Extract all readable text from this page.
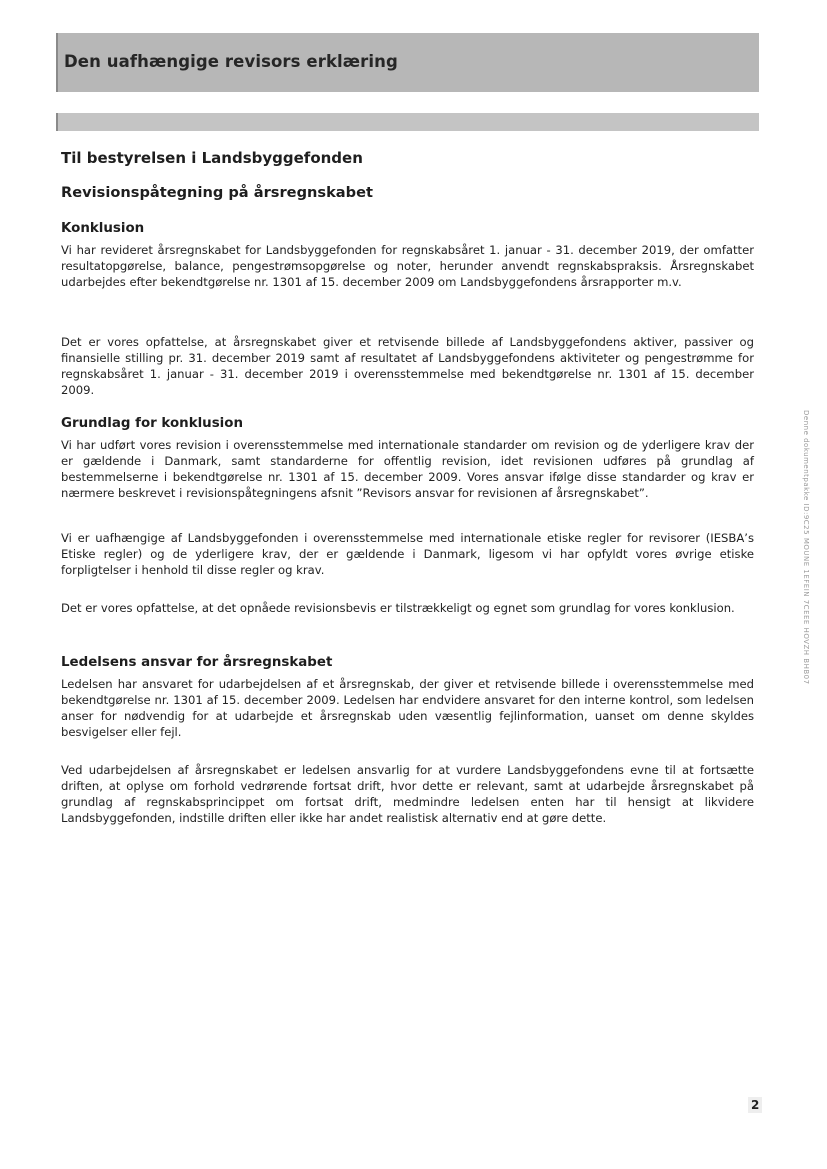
Den uafhængige revisors erklæring
Til bestyrelsen i Landsbyggefonden
Revisionspåtegning på årsregnskabet
Konklusion

Vi har revideret årsregnskabet for Landsbyggefonden for regnskabsåret 1. januar - 31. december 2019, der omfatter resultatopgørelse, balance, pengestrømsopgørelse og noter, herunder anvendt regnskabspraksis. Årsregnskabet udarbejdes efter bekendtgørelse nr. 1301 af 15. december 2009 om Landsbyggefondens årsrapporter m.v.

Det er vores opfattelse, at årsregnskabet giver et retvisende billede af Landsbyggefondens aktiver, passiver og finansielle stilling pr. 31. december 2019 samt af resultatet af Landsbyggefondens aktiviteter og pengestrømme for regnskabsåret 1. januar - 31. december 2019 i overensstemmelse med bekendtgørelse nr. 1301 af 15. december 2009.

Grundlag for konklusion

Vi har udført vores revision i overensstemmelse med internationale standarder om revision og de yderligere krav der er gældende i Danmark, samt standarderne for offentlig revision, idet revisionen udføres på grundlag af bestemmelserne i bekendtgørelse nr. 1301 af 15. december 2009. Vores ansvar ifølge disse standarder og krav er nærmere beskrevet i revisionspåtegningens afsnit ”Revisors ansvar for revisionen af årsregnskabet”.

Vi er uafhængige af Landsbyggefonden i overensstemmelse med internationale etiske regler for revisorer (IESBA’s Etiske regler) og de yderligere krav, der er gældende i Danmark, ligesom vi har opfyldt vores øvrige etiske forpligtelser i henhold til disse regler og krav.

Det er vores opfattelse, at det opnåede revisionsbevis er tilstrækkeligt og egnet som grundlag for vores konklusion.

Ledelsens ansvar for årsregnskabet

Ledelsen har ansvaret for udarbejdelsen af et årsregnskab, der giver et retvisende billede i overensstemmelse med bekendtgørelse nr. 1301 af 15. december 2009. Ledelsen har endvidere ansvaret for den interne kontrol, som ledelsen anser for nødvendig for at udarbejde et årsregnskab uden væsentlig fejlinformation, uanset om denne skyldes besvigelser eller fejl.

Ved udarbejdelsen af årsregnskabet er ledelsen ansvarlig for at vurdere Landsbyggefondens evne til at fortsætte driften, at oplyse om forhold vedrørende fortsat drift, hvor dette er relevant, samt at udarbejde årsregnskabet på grundlag af regnskabsprincippet om fortsat drift, medmindre ledelsen enten har til hensigt at likvidere Landsbyggefonden, indstille driften eller ikke har andet realistisk alternativ end at gøre dette.

Denne dokumentpakke ID:9C25 MOUNE 1EFEIN 7CEEE HOVZH BHB07

2
